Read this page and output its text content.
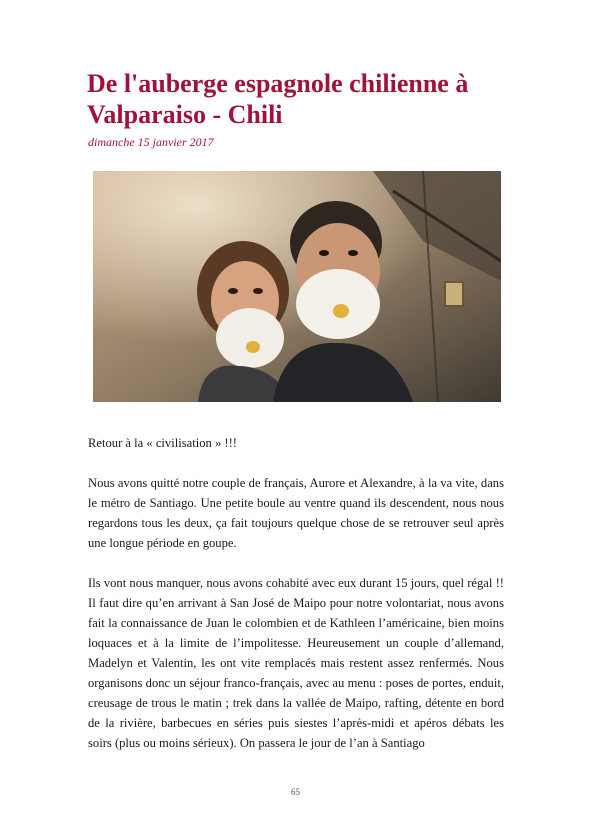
De l'auberge espagnole chilienne à Valparaiso - Chili
dimanche 15 janvier 2017

Retour à la « civilisation » !!!

Nous avons quitté notre couple de français, Aurore et Alexandre, à la va vite, dans le métro de Santiago. Une petite boule au ventre quand ils descendent, nous nous regardons tous les deux, ça fait toujours quelque chose de se retrouver seul après une longue période en goupe.

Ils vont nous manquer, nous avons cohabité avec eux durant 15 jours, quel régal !! Il faut dire qu’en arrivant à San José de Maipo pour notre volontariat, nous avons fait la connaissance de Juan le colombien et de Kathleen l’américaine, bien moins loquaces et à la limite de l’impolitesse. Heureusement un couple d’allemand, Madelyn et Valentin, les ont vite remplacés mais restent assez renfermés. Nous organisons donc un séjour franco-français, avec au menu : poses de portes, enduit, creusage de trous le matin ; trek dans la vallée de Maipo, rafting, détente en bord de la rivière, barbecues en séries puis siestes l’après-midi et apéros débats les soirs (plus ou moins sérieux). On passera le jour de l’an à Santiago

65
